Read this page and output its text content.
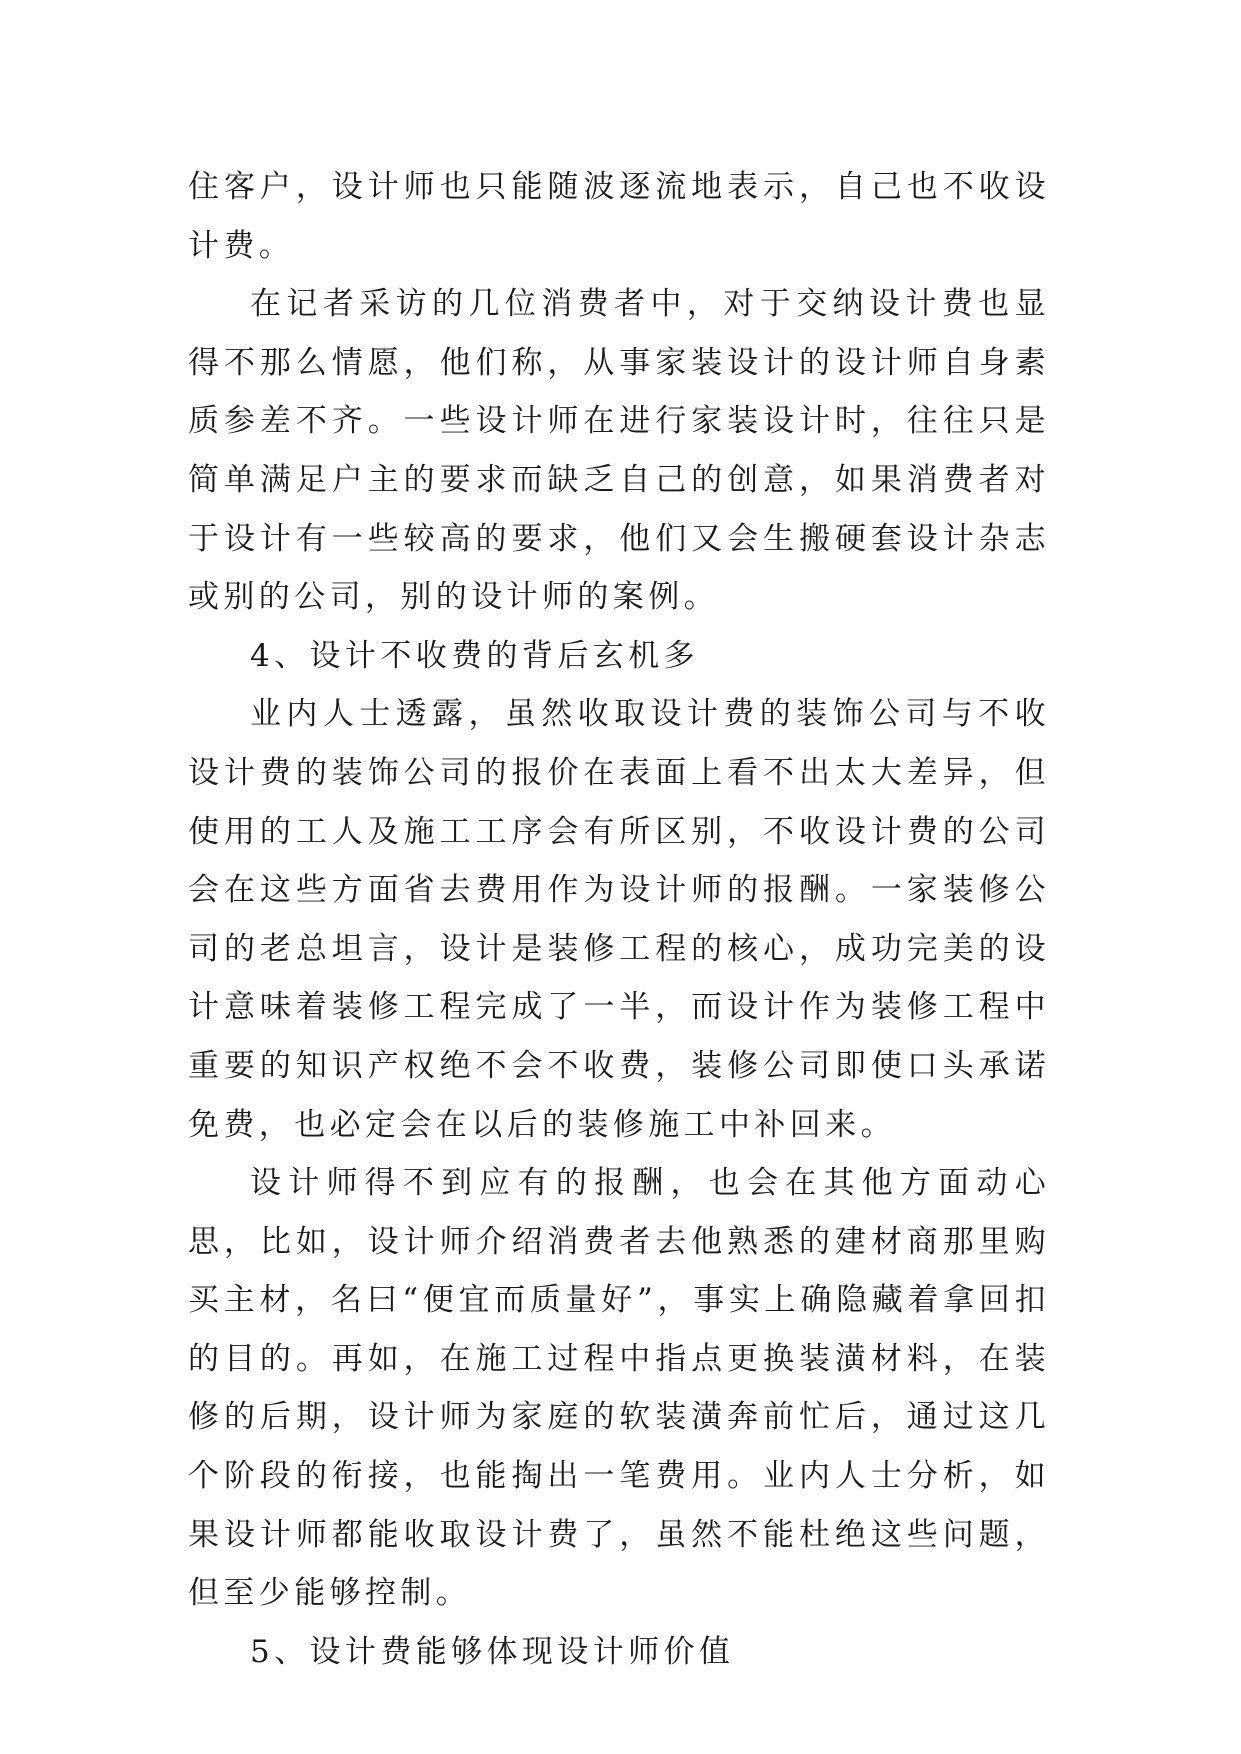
住客户，设计师也只能随波逐流地表示，自己也不收设计费。

在记者采访的几位消费者中，对于交纳设计费也显得不那么情愿，他们称，从事家装设计的设计师自身素质参差不齐。一些设计师在进行家装设计时，往往只是简单满足户主的要求而缺乏自己的创意，如果消费者对于设计有一些较高的要求，他们又会生搬硬套设计杂志或别的公司，别的设计师的案例。

4、设计不收费的背后玄机多

业内人士透露，虽然收取设计费的装饰公司与不收设计费的装饰公司的报价在表面上看不出太大差异，但使用的工人及施工工序会有所区别，不收设计费的公司会在这些方面省去费用作为设计师的报酬。一家装修公司的老总坦言，设计是装修工程的核心，成功完美的设计意味着装修工程完成了一半，而设计作为装修工程中重要的知识产权绝不会不收费，装修公司即使口头承诺免费，也必定会在以后的装修施工中补回来。

设计师得不到应有的报酬，也会在其他方面动心思，比如，设计师介绍消费者去他熟悉的建材商那里购买主材，名曰“便宜而质量好”，事实上确隐藏着拿回扣的目的。再如，在施工过程中指点更换装潢材料，在装修的后期，设计师为家庭的软装潢奔前忙后，通过这几个阶段的衔接，也能掏出一笔费用。业内人士分析，如果设计师都能收取设计费了，虽然不能杜绝这些问题，但至少能够控制。

5、设计费能够体现设计师价值
